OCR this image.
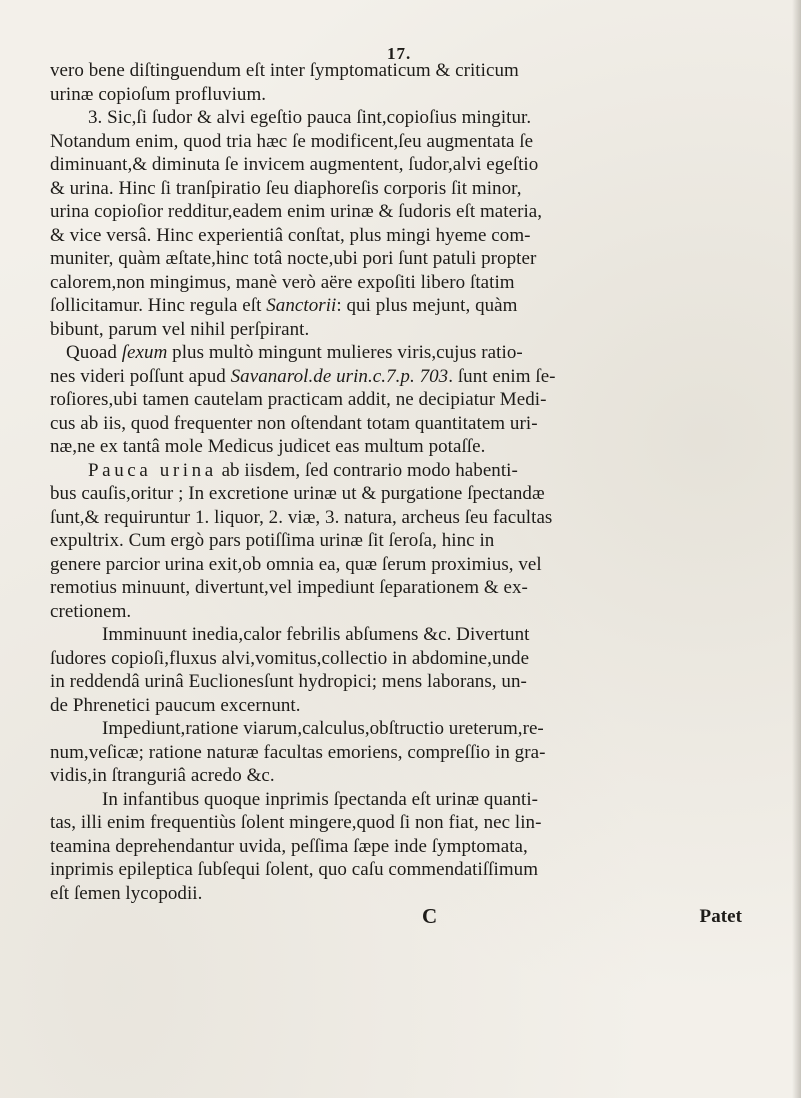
17.
vero bene diſtinguendum eſt inter ſymptomaticum & criticum
urinæ copioſum profluvium.
3. Sic,ſi ſudor & alvi egeſtio pauca ſint,copioſius mingitur.
Notandum enim, quod tria hæc ſe modificent,ſeu augmentata ſe
diminuant,& diminuta ſe invicem augmentent, ſudor,alvi egeſtio
& urina. Hinc ſi tranſpiratio ſeu diaphoreſis corporis ſit minor,
urina copioſior redditur,eadem enim urinæ & ſudoris eſt materia,
& vice versâ. Hinc experientiâ conſtat, plus mingi hyeme com-
muniter, quàm æſtate,hinc totâ nocte,ubi pori ſunt patuli propter
calorem,non mingimus, manè verò aëre expoſiti libero ſtatim
ſollicitamur. Hinc regula eſt Sanctorii: qui plus mejunt, quàm
bibunt, parum vel nihil perſpirant.
Quoad ſexum plus multò mingunt mulieres viris,cujus ratio-
nes videri poſſunt apud Savanarol.de urin.c.7.p. 703. ſunt enim ſe-
roſiores,ubi tamen cautelam practicam addit, ne decipiatur Medi-
cus ab iis, quod frequenter non oſtendant totam quantitatem uri-
næ,ne ex tantâ mole Medicus judicet eas multum potaſſe.
Pauca urina ab iisdem, ſed contrario modo habenti-
bus cauſis,oritur ; In excretione urinæ ut & purgatione ſpectandæ
ſunt,& requiruntur 1. liquor, 2. viæ, 3. natura, archeus ſeu facultas
expultrix. Cum ergò pars potiſſima urinæ ſit ſeroſa, hinc in
genere parcior urina exit,ob omnia ea, quæ ſerum proximius, vel
remotius minuunt, divertunt,vel impediunt ſeparationem & ex-
cretionem.
Imminuunt inedia,calor febrilis abſumens &c. Divertunt
ſudores copioſi,fluxus alvi,vomitus,collectio in abdomine,unde
in reddendâ urinâ Euclionesſunt hydropici; mens laborans, un-
de Phrenetici paucum excernunt.
Impediunt,ratione viarum,calculus,obſtructio ureterum,re-
num,veſicæ; ratione naturæ facultas emoriens, compreſſio in gra-
vidis,in ſtranguriâ acredo &c.
In infantibus quoque inprimis ſpectanda eſt urinæ quanti-
tas, illi enim frequentiùs ſolent mingere,quod ſi non fiat, nec lin-
teamina deprehendantur uvida, peſſima ſæpe inde ſymptomata,
inprimis epileptica ſubſequi ſolent, quo caſu commendatiſſimum
eſt ſemen lycopodii.
C	Patet
